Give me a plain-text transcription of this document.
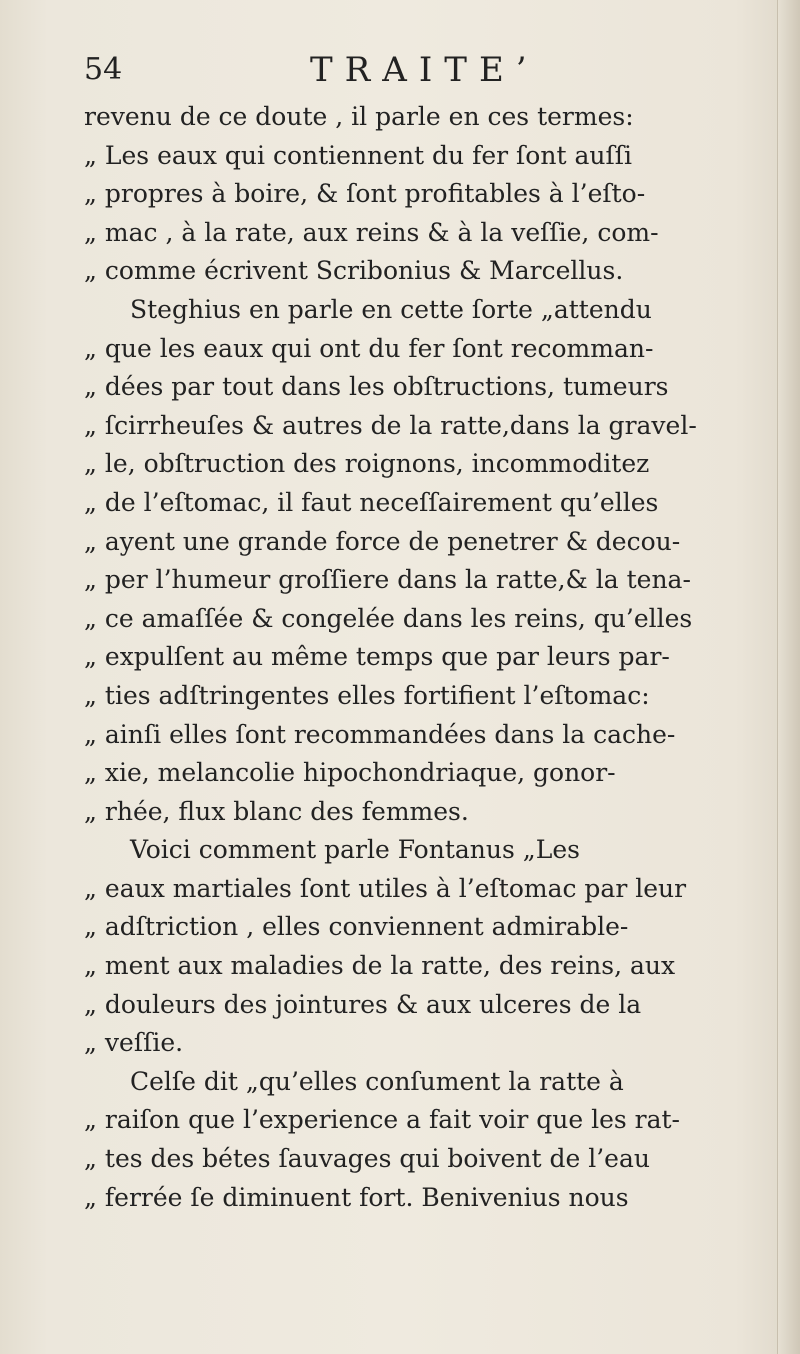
54	TRAITE’
revenu de ce doute , il parle en ces termes:
„ Les eaux qui contiennent du fer ſont auſſi
„ propres à boire, & ſont profitables à l’eſto-
„ mac , à la rate, aux reins & à la veſſie, com-
„ comme écrivent Scribonius & Marcellus.
Steghius en parle en cette ſorte „attendu
„ que les eaux qui ont du fer ſont recomman-
„ dées par tout dans les obſtructions, tumeurs
„ ſcirrheuſes & autres de la ratte,dans la gravel-
„ le, obſtruction des roignons, incommoditez
„ de l’eſtomac, il faut neceſſairement qu’elles
„ ayent une grande force de penetrer & decou-
„ per l’humeur groſſiere dans la ratte,& la tena-
„ ce amaſſée & congelée dans les reins, qu’elles
„ expulſent au même temps que par leurs par-
„ ties adſtringentes elles fortifient l’eſtomac:
„ ainſi elles ſont recommandées dans la cache-
„ xie, melancolie hipochondriaque, gonor-
„ rhée, flux blanc des femmes.
Voici comment parle Fontanus „Les
„ eaux martiales ſont utiles à l’eſtomac par leur
„ adſtriction , elles conviennent admirable-
„ ment aux maladies de la ratte, des reins, aux
„ douleurs des jointures & aux ulceres de la
„ veſſie.
Celſe dit „qu’elles conſument la ratte à
„ raiſon que l’experience a fait voir que les rat-
„ tes des bétes ſauvages qui boivent de l’eau
„ ferrée ſe diminuent fort. Benivenius nous
